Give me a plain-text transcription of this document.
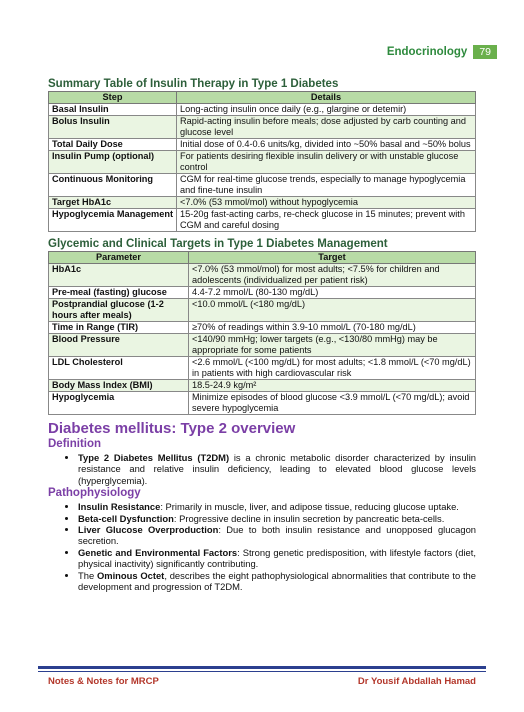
Endocrinology	79
Summary Table of Insulin Therapy in Type 1 Diabetes
Step	Details
Basal Insulin	Long-acting insulin once daily (e.g., glargine or detemir)
Bolus Insulin	Rapid-acting insulin before meals; dose adjusted by carb counting and glucose level
Total Daily Dose	Initial dose of 0.4-0.6 units/kg, divided into ~50% basal and ~50% bolus
Insulin Pump (optional)	For patients desiring flexible insulin delivery or with unstable glucose control
Continuous Monitoring	CGM for real-time glucose trends, especially to manage hypoglycemia and fine-tune insulin
Target HbA1c	<7.0% (53 mmol/mol) without hypoglycemia
Hypoglycemia Management	15-20g fast-acting carbs, re-check glucose in 15 minutes; prevent with CGM and careful dosing
Glycemic and Clinical Targets in Type 1 Diabetes Management
Parameter	Target
HbA1c	<7.0% (53 mmol/mol) for most adults; <7.5% for children and adolescents (individualized per patient risk)
Pre-meal (fasting) glucose	4.4-7.2 mmol/L (80-130 mg/dL)
Postprandial glucose (1-2 hours after meals)	<10.0 mmol/L (<180 mg/dL)
Time in Range (TIR)	≥70% of readings within 3.9-10 mmol/L (70-180 mg/dL)
Blood Pressure	<140/90 mmHg; lower targets (e.g., <130/80 mmHg) may be appropriate for some patients
LDL Cholesterol	<2.6 mmol/L (<100 mg/dL) for most adults; <1.8 mmol/L (<70 mg/dL) in patients with high cardiovascular risk
Body Mass Index (BMI)	18.5-24.9 kg/m²
Hypoglycemia	Minimize episodes of blood glucose <3.9 mmol/L (<70 mg/dL); avoid severe hypoglycemia
Diabetes mellitus: Type 2 overview
Definition
• Type 2 Diabetes Mellitus (T2DM) is a chronic metabolic disorder characterized by insulin resistance and relative insulin deficiency, leading to elevated blood glucose levels (hyperglycemia).
Pathophysiology
• Insulin Resistance: Primarily in muscle, liver, and adipose tissue, reducing glucose uptake.
• Beta-cell Dysfunction: Progressive decline in insulin secretion by pancreatic beta-cells.
• Liver Glucose Overproduction: Due to both insulin resistance and unopposed glucagon secretion.
• Genetic and Environmental Factors: Strong genetic predisposition, with lifestyle factors (diet, physical inactivity) significantly contributing.
• The Ominous Octet, describes the eight pathophysiological abnormalities that contribute to the development and progression of T2DM.
Notes & Notes for MRCP	Dr Yousif Abdallah Hamad
